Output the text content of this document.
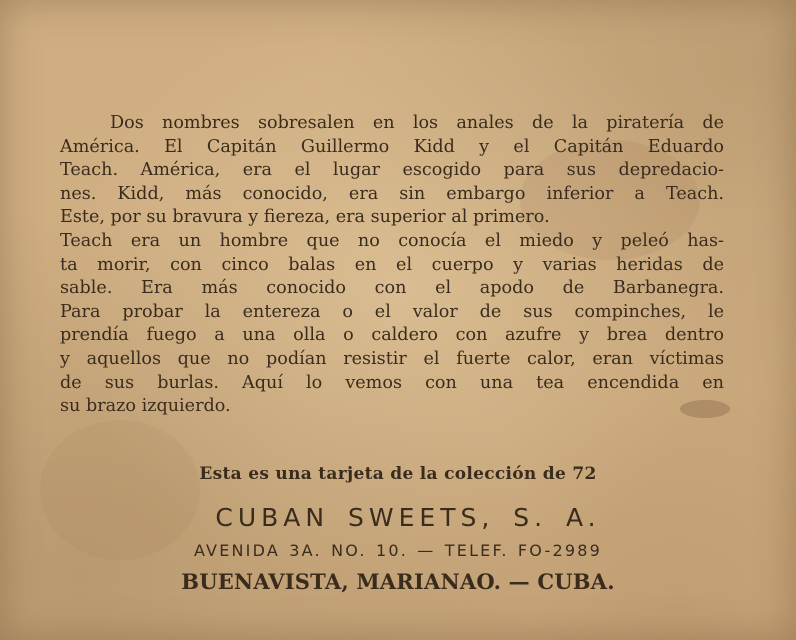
Dos nombres sobresalen en los anales de la piratería de
América. El Capitán Guillermo Kidd y el Capitán Eduardo
Teach. América, era el lugar escogido para sus depredacio-
nes. Kidd, más conocido, era sin embargo inferior a Teach.
Este, por su bravura y fiereza, era superior al primero.
Teach era un hombre que no conocía el miedo y peleó has-
ta morir, con cinco balas en el cuerpo y varias heridas de
sable. Era más conocido con el apodo de Barbanegra.
Para probar la entereza o el valor de sus compinches, le
prendía fuego a una olla o caldero con azufre y brea dentro
y aquellos que no podían resistir el fuerte calor, eran víctimas
de sus burlas. Aquí lo vemos con una tea encendida en
su brazo izquierdo.

Esta es una tarjeta de la colección de 72

CUBAN SWEETS, S. A.

AVENIDA 3A. NO. 10. — TELEF. FO-2989

BUENAVISTA, MARIANAO. — CUBA.
